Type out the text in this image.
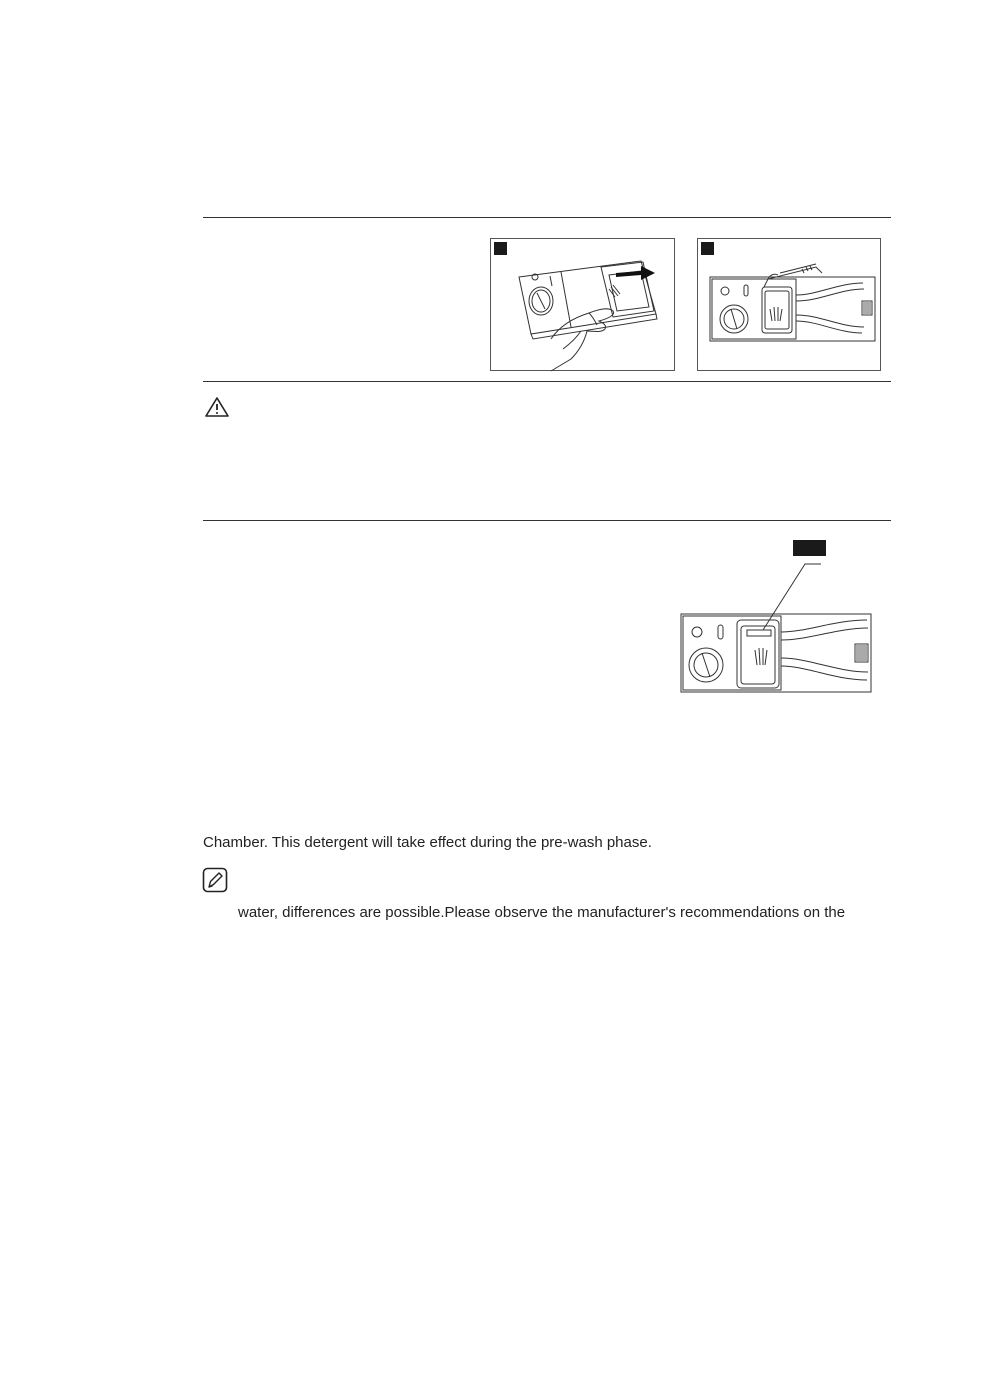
Chamber. This detergent will take effect during the pre-wash phase.
water, differences are possible.Please observe the manufacturer's recommendations on the
